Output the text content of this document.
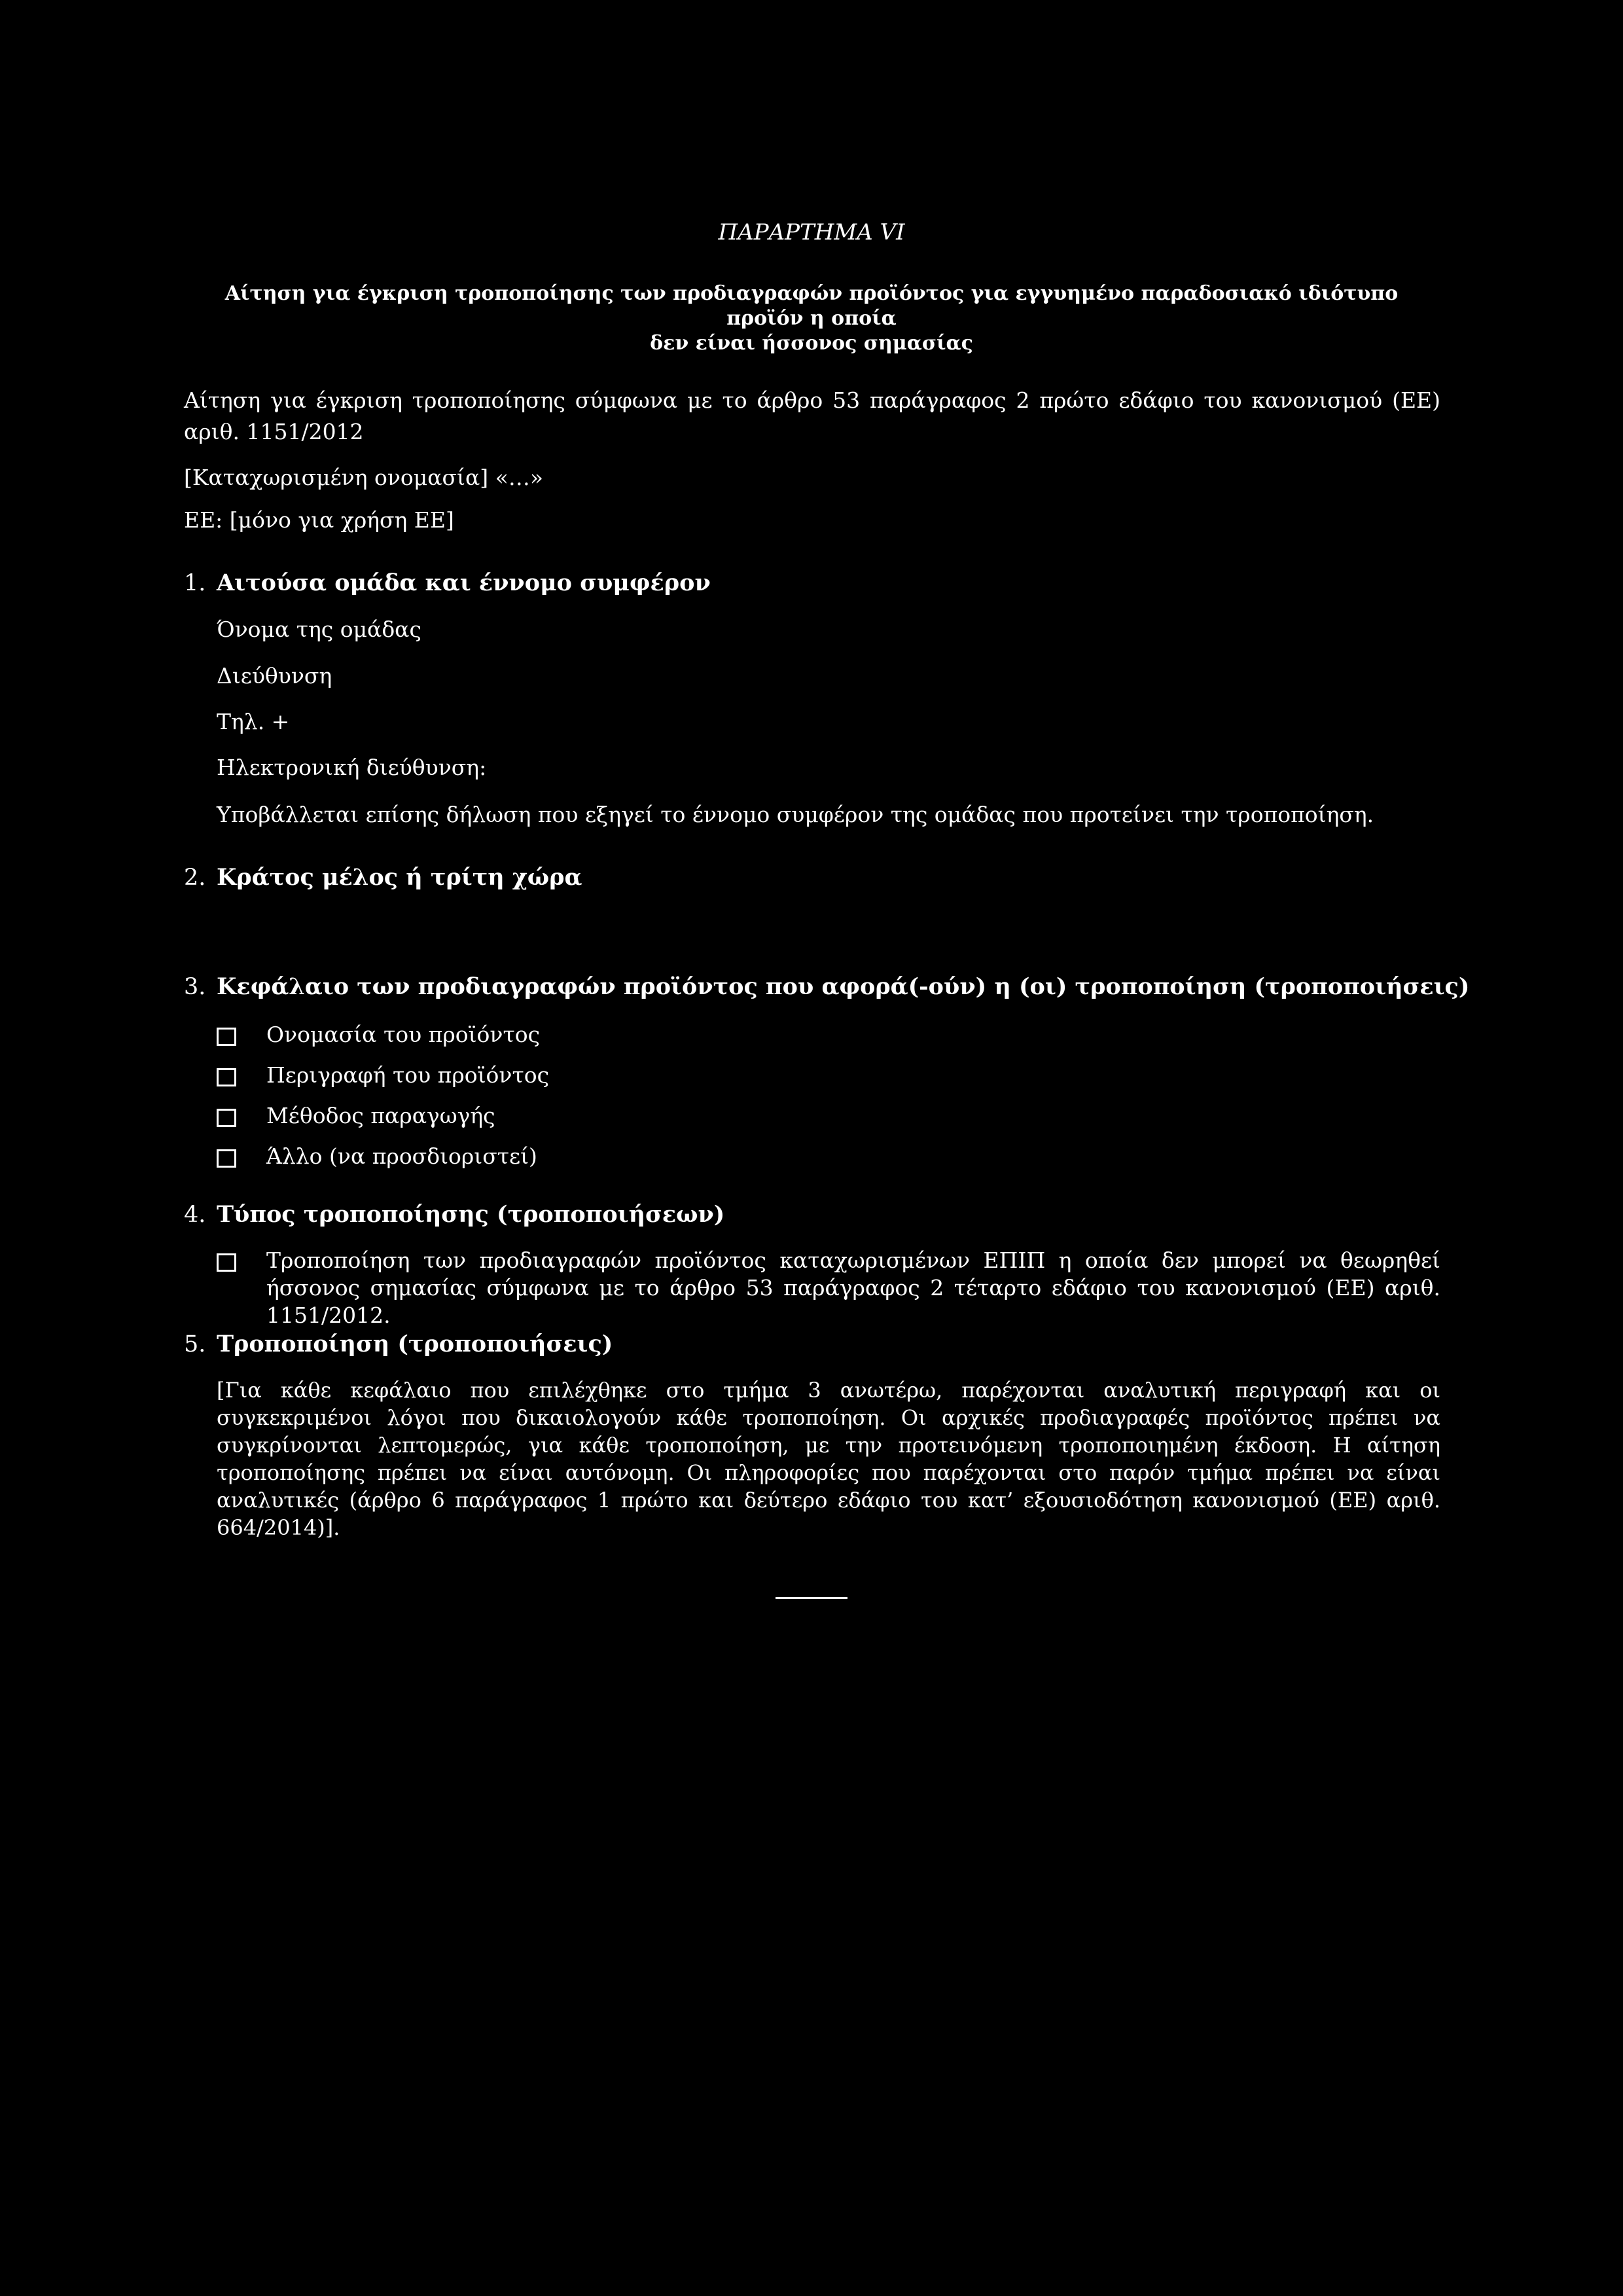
ΠΑΡΑΡΤΗΜΑ VI
Αίτηση για έγκριση τροποποίησης των προδιαγραφών προϊόντος για εγγυημένο παραδοσιακό ιδιότυπο προϊόν η οποία
δεν είναι ήσσονος σημασίας
Αίτηση για έγκριση τροποποίησης σύμφωνα με το άρθρο 53 παράγραφος 2 πρώτο εδάφιο του κανονισμού (ΕΕ) αριθ. 1151/2012
[Καταχωρισμένη ονομασία] «…»
ΕΕ: [μόνο για χρήση ΕΕ]
1. Αιτούσα ομάδα και έννομο συμφέρον
Όνομα της ομάδας
Διεύθυνση
Τηλ. +
Ηλεκτρονική διεύθυνση:
Υποβάλλεται επίσης δήλωση που εξηγεί το έννομο συμφέρον της ομάδας που προτείνει την τροποποίηση.
2. Κράτος μέλος ή τρίτη χώρα
3. Κεφάλαιο των προδιαγραφών προϊόντος που αφορά(-ούν) η (οι) τροποποίηση (τροποποιήσεις)
Ονομασία του προϊόντος
Περιγραφή του προϊόντος
Μέθοδος παραγωγής
Άλλο (να προσδιοριστεί)
4. Τύπος τροποποίησης (τροποποιήσεων)
Τροποποίηση των προδιαγραφών προϊόντος καταχωρισμένων ΕΠΙΠ η οποία δεν μπορεί να θεωρηθεί ήσσονος σημασίας σύμφωνα με το άρθρο 53 παράγραφος 2 τέταρτο εδάφιο του κανονισμού (ΕΕ) αριθ. 1151/2012.
5. Τροποποίηση (τροποποιήσεις)
[Για κάθε κεφάλαιο που επιλέχθηκε στο τμήμα 3 ανωτέρω, παρέχονται αναλυτική περιγραφή και οι συγκεκριμένοι λόγοι που δικαιολογούν κάθε τροποποίηση. Οι αρχικές προδιαγραφές προϊόντος πρέπει να συγκρίνονται λεπτομερώς, για κάθε τροποποίηση, με την προτεινόμενη τροποποιημένη έκδοση. Η αίτηση τροποποίησης πρέπει να είναι αυτόνομη. Οι πληροφορίες που παρέχονται στο παρόν τμήμα πρέπει να είναι αναλυτικές (άρθρο 6 παράγραφος 1 πρώτο και δεύτερο εδάφιο του κατ’ εξουσιοδότηση κανονισμού (ΕΕ) αριθ. 664/2014)].
